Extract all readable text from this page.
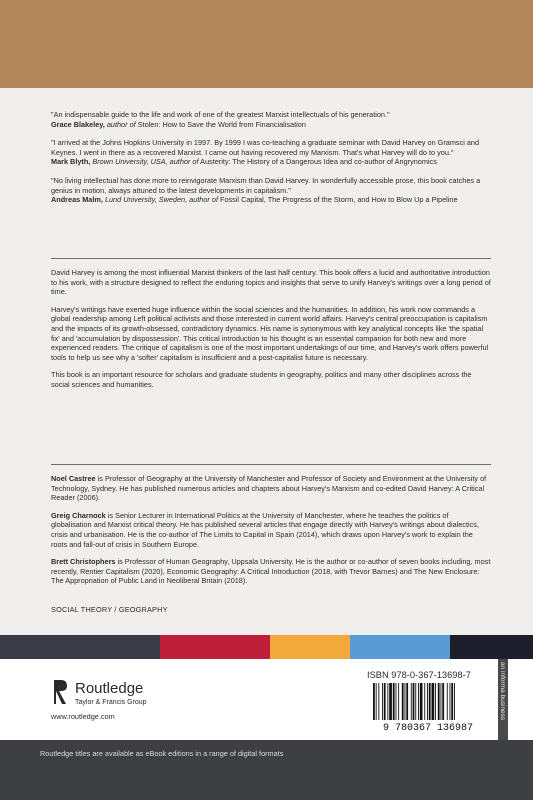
"An indispensable guide to the life and work of one of the greatest Marxist intellectuals of his generation."

Grace Blakeley, author of Stolen: How to Save the World from Financialisation

"I arrived at the Johns Hopkins University in 1997. By 1999 I was co-teaching a graduate seminar with David Harvey on Gramsci and Keynes. I went in there as a recovered Marxist. I came out having recovered my Marxism. That's what Harvey will do to you."

Mark Blyth, Brown University, USA, author of Austerity: The History of a Dangerous Idea and co-author of Angrynomics

"No living intellectual has done more to reinvigorate Marxism than David Harvey. In wonderfully accessible prose, this book catches a genius in motion, always attuned to the latest developments in capitalism."

Andreas Malm, Lund University, Sweden, author of Fossil Capital, The Progress of the Storm, and How to Blow Up a Pipeline

David Harvey is among the most influential Marxist thinkers of the last half century. This book offers a lucid and authoritative introduction to his work, with a structure designed to reflect the enduring topics and insights that serve to unify Harvey's writings over a long period of time.

Harvey's writings have exerted huge influence within the social sciences and the humanities. In addition, his work now commands a global readership among Left political activists and those interested in current world affairs. Harvey's central preoccupation is capitalism and the impacts of its growth-obsessed, contradictory dynamics. His name is synonymous with key analytical concepts like 'the spatial fix' and 'accumulation by dispossession'. This critical introduction to his thought is an essential companion for both new and more experienced readers. The critique of capitalism is one of the most important undertakings of our time, and Harvey's work offers powerful tools to help us see why a 'softer' capitalism is insufficient and a post-capitalist future is necessary.

This book is an important resource for scholars and graduate students in geography, politics and many other disciplines across the social sciences and humanities.

Noel Castree is Professor of Geography at the University of Manchester and Professor of Society and Environment at the University of Technology, Sydney. He has published numerous articles and chapters about Harvey's Marxism and co-edited David Harvey: A Critical Reader (2006).

Greig Charnock is Senior Lecturer in International Politics at the University of Manchester, where he teaches the politics of globalisation and Marxist critical theory. He has published several articles that engage directly with Harvey's writings about dialectics, crisis and urbanisation. He is the co-author of The Limits to Capital in Spain (2014), which draws upon Harvey's work to explain the roots and fall-out of crisis in Southern Europe.

Brett Christophers is Professor of Human Geography, Uppsala University. He is the author or co-author of seven books including, most recently, Rentier Capitalism (2020), Economic Geography: A Critical Introduction (2018, with Trevor Barnes) and The New Enclosure: The Appropriation of Public Land in Neoliberal Britain (2018).

SOCIAL THEORY / GEOGRAPHY
Routledge
Taylor & Francis Group
www.routledge.com
ISBN 978-0-367-13698-7
9 780367 136987
an informa business
Routledge titles are available as eBook editions in a range of digital formats
